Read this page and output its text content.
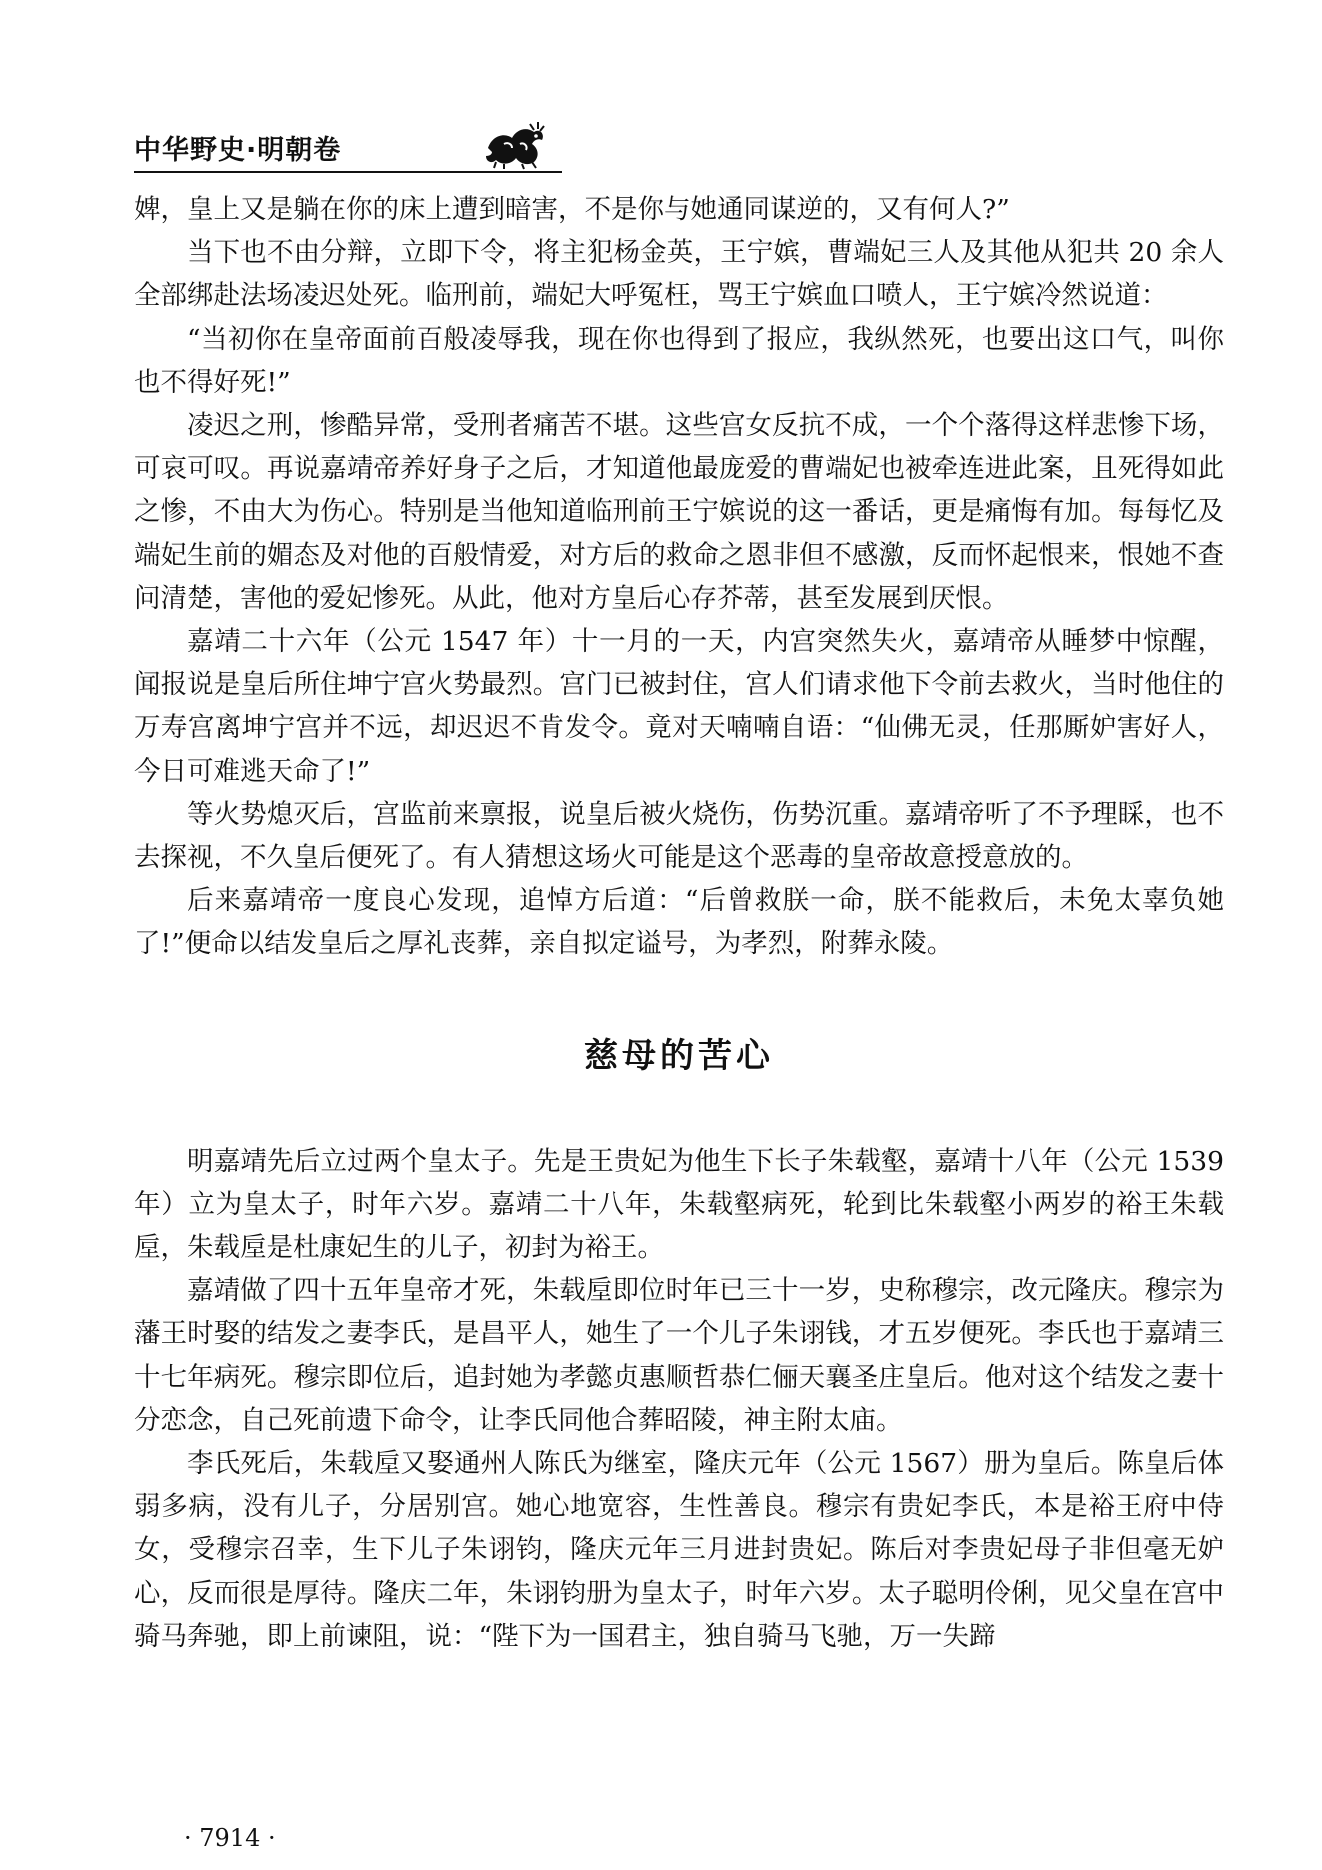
中华野史·明朝卷

婢，皇上又是躺在你的床上遭到暗害，不是你与她通同谋逆的，又有何人?”

当下也不由分辩，立即下令，将主犯杨金英，王宁嫔，曹端妃三人及其他从犯共 20 余人全部绑赴法场凌迟处死。临刑前，端妃大呼冤枉，骂王宁嫔血口喷人，王宁嫔冷然说道：

“当初你在皇帝面前百般凌辱我，现在你也得到了报应，我纵然死，也要出这口气，叫你也不得好死!”

凌迟之刑，惨酷异常，受刑者痛苦不堪。这些宫女反抗不成，一个个落得这样悲惨下场，可哀可叹。再说嘉靖帝养好身子之后，才知道他最庞爱的曹端妃也被牵连进此案，且死得如此之惨，不由大为伤心。特别是当他知道临刑前王宁嫔说的这一番话，更是痛悔有加。每每忆及端妃生前的媚态及对他的百般情爱，对方后的救命之恩非但不感激，反而怀起恨来，恨她不查问清楚，害他的爱妃惨死。从此，他对方皇后心存芥蒂，甚至发展到厌恨。

嘉靖二十六年（公元 1547 年）十一月的一天，内宫突然失火，嘉靖帝从睡梦中惊醒，闻报说是皇后所住坤宁宫火势最烈。宫门已被封住，宫人们请求他下令前去救火，当时他住的万寿宫离坤宁宫并不远，却迟迟不肯发令。竟对天喃喃自语：“仙佛无灵，任那厮妒害好人，今日可难逃天命了!”

等火势熄灭后，宫监前来禀报，说皇后被火烧伤，伤势沉重。嘉靖帝听了不予理睬，也不去探视，不久皇后便死了。有人猜想这场火可能是这个恶毒的皇帝故意授意放的。

后来嘉靖帝一度良心发现，追悼方后道：“后曾救朕一命，朕不能救后，未免太辜负她了!”便命以结发皇后之厚礼丧葬，亲自拟定谥号，为孝烈，附葬永陵。

慈母的苦心

明嘉靖先后立过两个皇太子。先是王贵妃为他生下长子朱载壑，嘉靖十八年（公元 1539 年）立为皇太子，时年六岁。嘉靖二十八年，朱载壑病死，轮到比朱载壑小两岁的裕王朱载垕，朱载垕是杜康妃生的儿子，初封为裕王。

嘉靖做了四十五年皇帝才死，朱载垕即位时年已三十一岁，史称穆宗，改元隆庆。穆宗为藩王时娶的结发之妻李氏，是昌平人，她生了一个儿子朱诩钱，才五岁便死。李氏也于嘉靖三十七年病死。穆宗即位后，追封她为孝懿贞惠顺哲恭仁俪天襄圣庄皇后。他对这个结发之妻十分恋念，自己死前遗下命令，让李氏同他合葬昭陵，神主附太庙。

李氏死后，朱载垕又娶通州人陈氏为继室，隆庆元年（公元 1567）册为皇后。陈皇后体弱多病，没有儿子，分居别宫。她心地宽容，生性善良。穆宗有贵妃李氏，本是裕王府中侍女，受穆宗召幸，生下儿子朱诩钧，隆庆元年三月进封贵妃。陈后对李贵妃母子非但毫无妒心，反而很是厚待。隆庆二年，朱诩钧册为皇太子，时年六岁。太子聪明伶俐，见父皇在宫中骑马奔驰，即上前谏阻，说：“陛下为一国君主，独自骑马飞驰，万一失蹄

· 7914 ·
